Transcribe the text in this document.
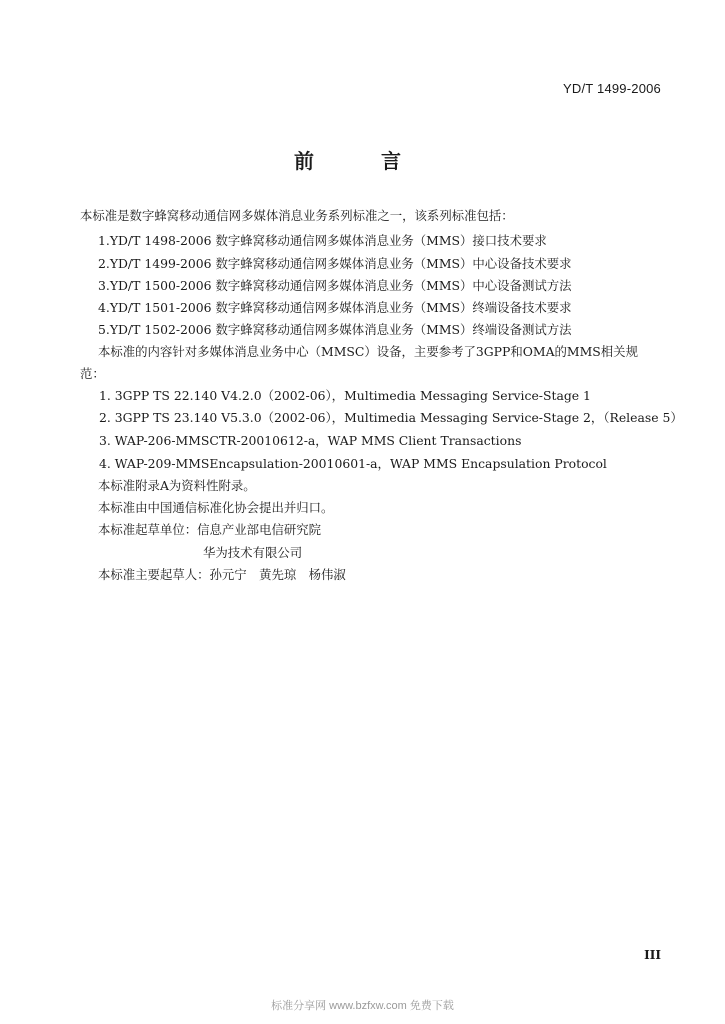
YD/T 1499-2006
前 言
本标准是数字蜂窝移动通信网多媒体消息业务系列标准之一，该系列标准包括：
1.YD/T 1498-2006 数字蜂窝移动通信网多媒体消息业务（MMS）接口技术要求
2.YD/T 1499-2006 数字蜂窝移动通信网多媒体消息业务（MMS）中心设备技术要求
3.YD/T 1500-2006 数字蜂窝移动通信网多媒体消息业务（MMS）中心设备测试方法
4.YD/T 1501-2006 数字蜂窝移动通信网多媒体消息业务（MMS）终端设备技术要求
5.YD/T 1502-2006 数字蜂窝移动通信网多媒体消息业务（MMS）终端设备测试方法
本标准的内容针对多媒体消息业务中心（MMSC）设备，主要参考了3GPP和OMA的MMS相关规
范：
1. 3GPP TS 22.140 V4.2.0（2002-06），Multimedia Messaging Service-Stage 1
2. 3GPP TS 23.140 V5.3.0（2002-06），Multimedia Messaging Service-Stage 2，（Release 5）
3. WAP-206-MMSCTR-20010612-a，WAP MMS Client Transactions
4. WAP-209-MMSEncapsulation-20010601-a，WAP MMS Encapsulation Protocol
本标准附录A为资料性附录。
本标准由中国通信标准化协会提出并归口。
本标准起草单位：信息产业部电信研究院
华为技术有限公司
本标准主要起草人：孙元宁　黄先琼　杨伟淑
III
标准分享网 www.bzfxw.com 免费下载
